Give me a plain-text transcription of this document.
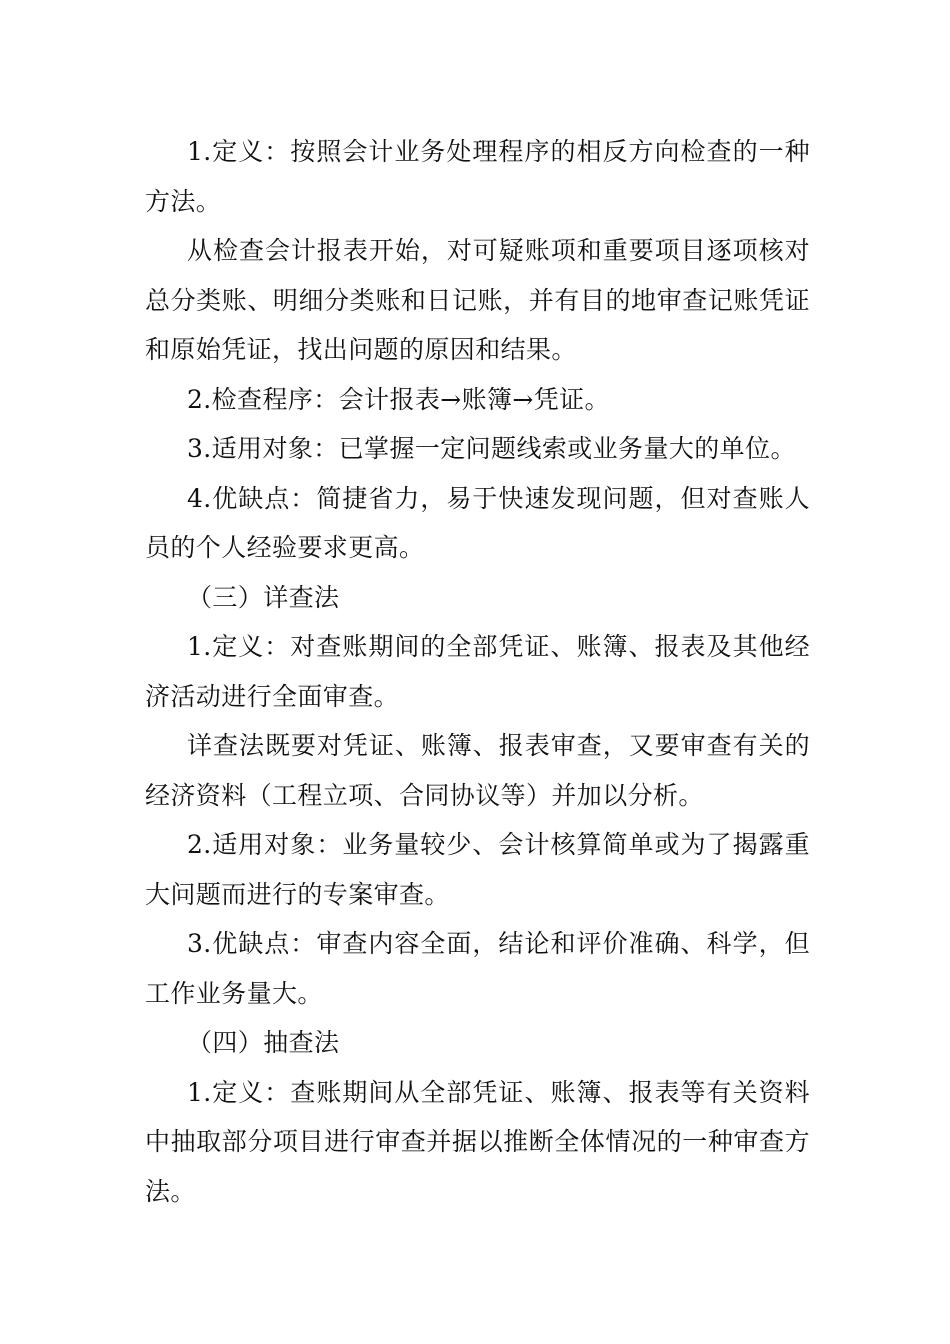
1.定义：按照会计业务处理程序的相反方向检查的一种方法。

从检查会计报表开始，对可疑账项和重要项目逐项核对总分类账、明细分类账和日记账，并有目的地审查记账凭证和原始凭证，找出问题的原因和结果。

2.检查程序：会计报表→账簿→凭证。

3.适用对象：已掌握一定问题线索或业务量大的单位。

4.优缺点：简捷省力，易于快速发现问题，但对查账人员的个人经验要求更高。

（三）详查法

1.定义：对查账期间的全部凭证、账簿、报表及其他经济活动进行全面审查。

详查法既要对凭证、账簿、报表审查，又要审查有关的经济资料（工程立项、合同协议等）并加以分析。

2.适用对象：业务量较少、会计核算简单或为了揭露重大问题而进行的专案审查。

3.优缺点：审查内容全面，结论和评价准确、科学，但工作业务量大。

（四）抽查法

1.定义：查账期间从全部凭证、账簿、报表等有关资料中抽取部分项目进行审查并据以推断全体情况的一种审查方法。
